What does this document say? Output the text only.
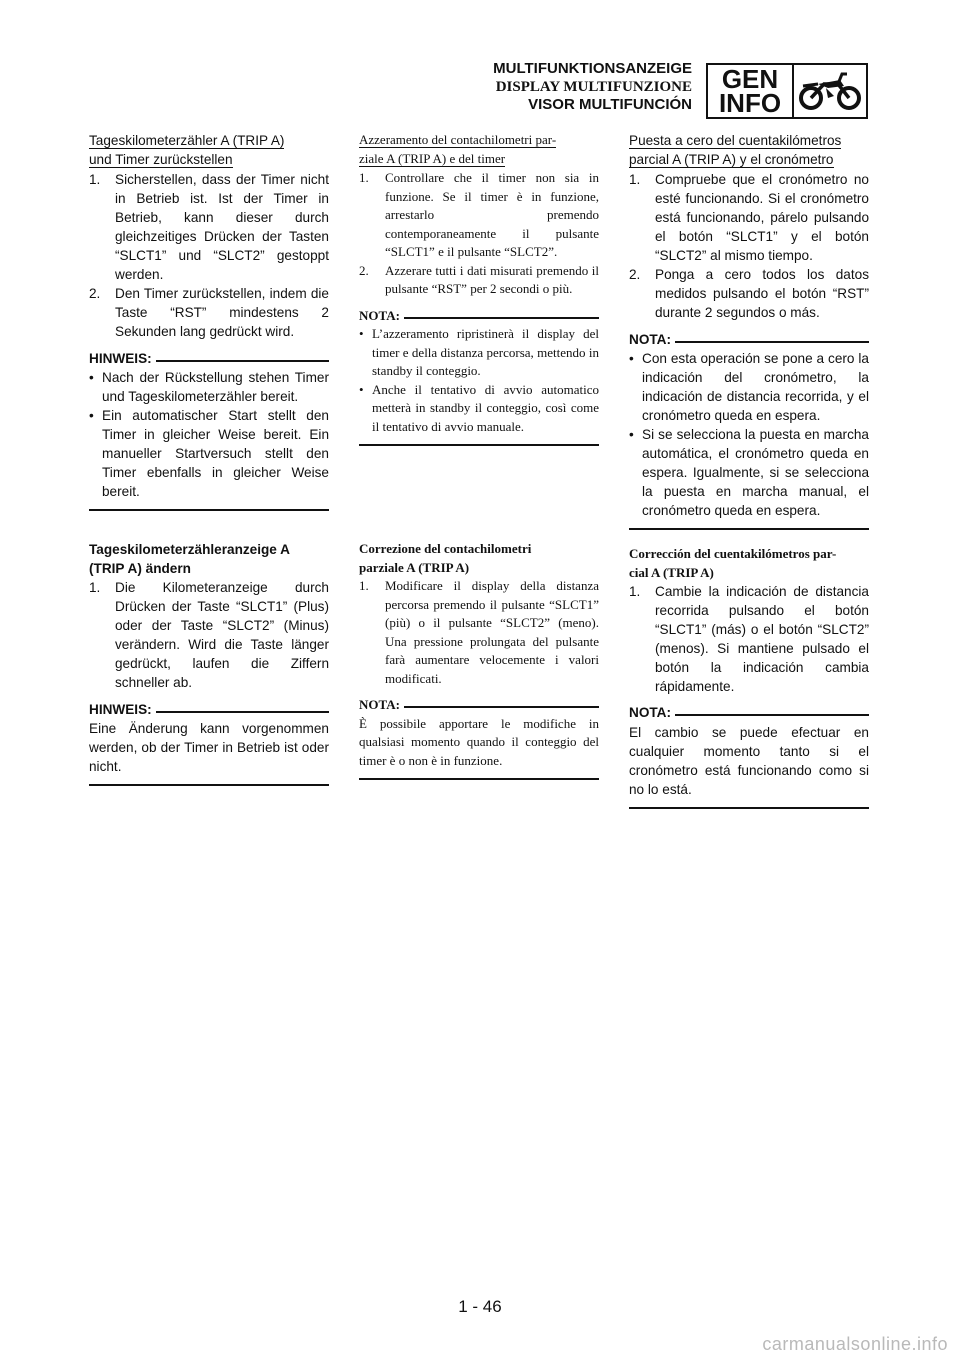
MULTIFUNKTIONSANZEIGE
DISPLAY MULTIFUNZIONE
VISOR MULTIFUNCIÓN
GEN
INFO

Tageskilometerzähler A (TRIP A)
und Timer zurückstellen

1. Sicherstellen, dass der Timer nicht in Betrieb ist. Ist der Timer in Betrieb, kann dieser durch gleichzeitiges Drücken der Tasten “SLCT1” und “SLCT2” gestoppt werden.
2. Den Timer zurückstellen, indem die Taste “RST” mindestens 2 Sekunden lang gedrückt wird.
HINWEIS:
• Nach der Rückstellung stehen Timer und Tageskilometerzähler bereit.
• Ein automatischer Start stellt den Timer in gleicher Weise bereit. Ein manueller Startversuch stellt den Timer ebenfalls in gleicher Weise bereit.

Tageskilometerzähleranzeige A
(TRIP A) ändern

1. Die Kilometeranzeige durch Drücken der Taste “SLCT1” (Plus) oder der Taste “SLCT2” (Minus) verändern. Wird die Taste länger gedrückt, laufen die Ziffern schneller ab.
HINWEIS:

Eine Änderung kann vorgenommen werden, ob der Timer in Betrieb ist oder nicht.

Azzeramento del contachilometri par-
ziale A (TRIP A) e del timer

1. Controllare che il timer non sia in funzione. Se il timer è in funzione, arrestarlo premendo contemporaneamente il pulsante “SLCT1” e il pulsante “SLCT2”.
2. Azzerare tutti i dati misurati premendo il pulsante “RST” per 2 secondi o più.
NOTA:
• L’azzeramento ripristinerà il display del timer e della distanza percorsa, mettendo in standby il conteggio.
• Anche il tentativo di avvio automatico metterà in standby il conteggio, così come il tentativo di avvio manuale.

Correzione del contachilometri
parziale A (TRIP A)

1. Modificare il display della distanza percorsa premendo il pulsante “SLCT1” (più) o il pulsante “SLCT2” (meno). Una pressione prolungata del pulsante farà aumentare velocemente i valori modificati.
NOTA:

È possibile apportare le modifiche in qualsiasi momento quando il conteggio del timer è o non è in funzione.

Puesta a cero del cuentakilómetros
parcial A (TRIP A) y el cronómetro

1. Compruebe que el cronómetro no esté funcionando. Si el cronómetro está funcionando, párelo pulsando el botón “SLCT1” y el botón “SLCT2” al mismo tiempo.
2. Ponga a cero todos los datos medidos pulsando el botón “RST” durante 2 segundos o más.
NOTA:
• Con esta operación se pone a cero la indicación del cronómetro, la indicación de distancia recorrida, y el cronómetro queda en espera.
• Si se selecciona la puesta en marcha automática, el cronómetro queda en espera. Igualmente, si se selecciona la puesta en marcha manual, el cronómetro queda en espera.

Corrección del cuentakilómetros par-
cial A (TRIP A)

1. Cambie la indicación de distancia recorrida pulsando el botón “SLCT1” (más) o el botón “SLCT2” (menos). Si mantiene pulsado el botón la indicación cambia rápidamente.
NOTA:

El cambio se puede efectuar en cualquier momento tanto si el cronómetro está funcionando como si no lo está.

1 - 46
carmanualsonline.info
